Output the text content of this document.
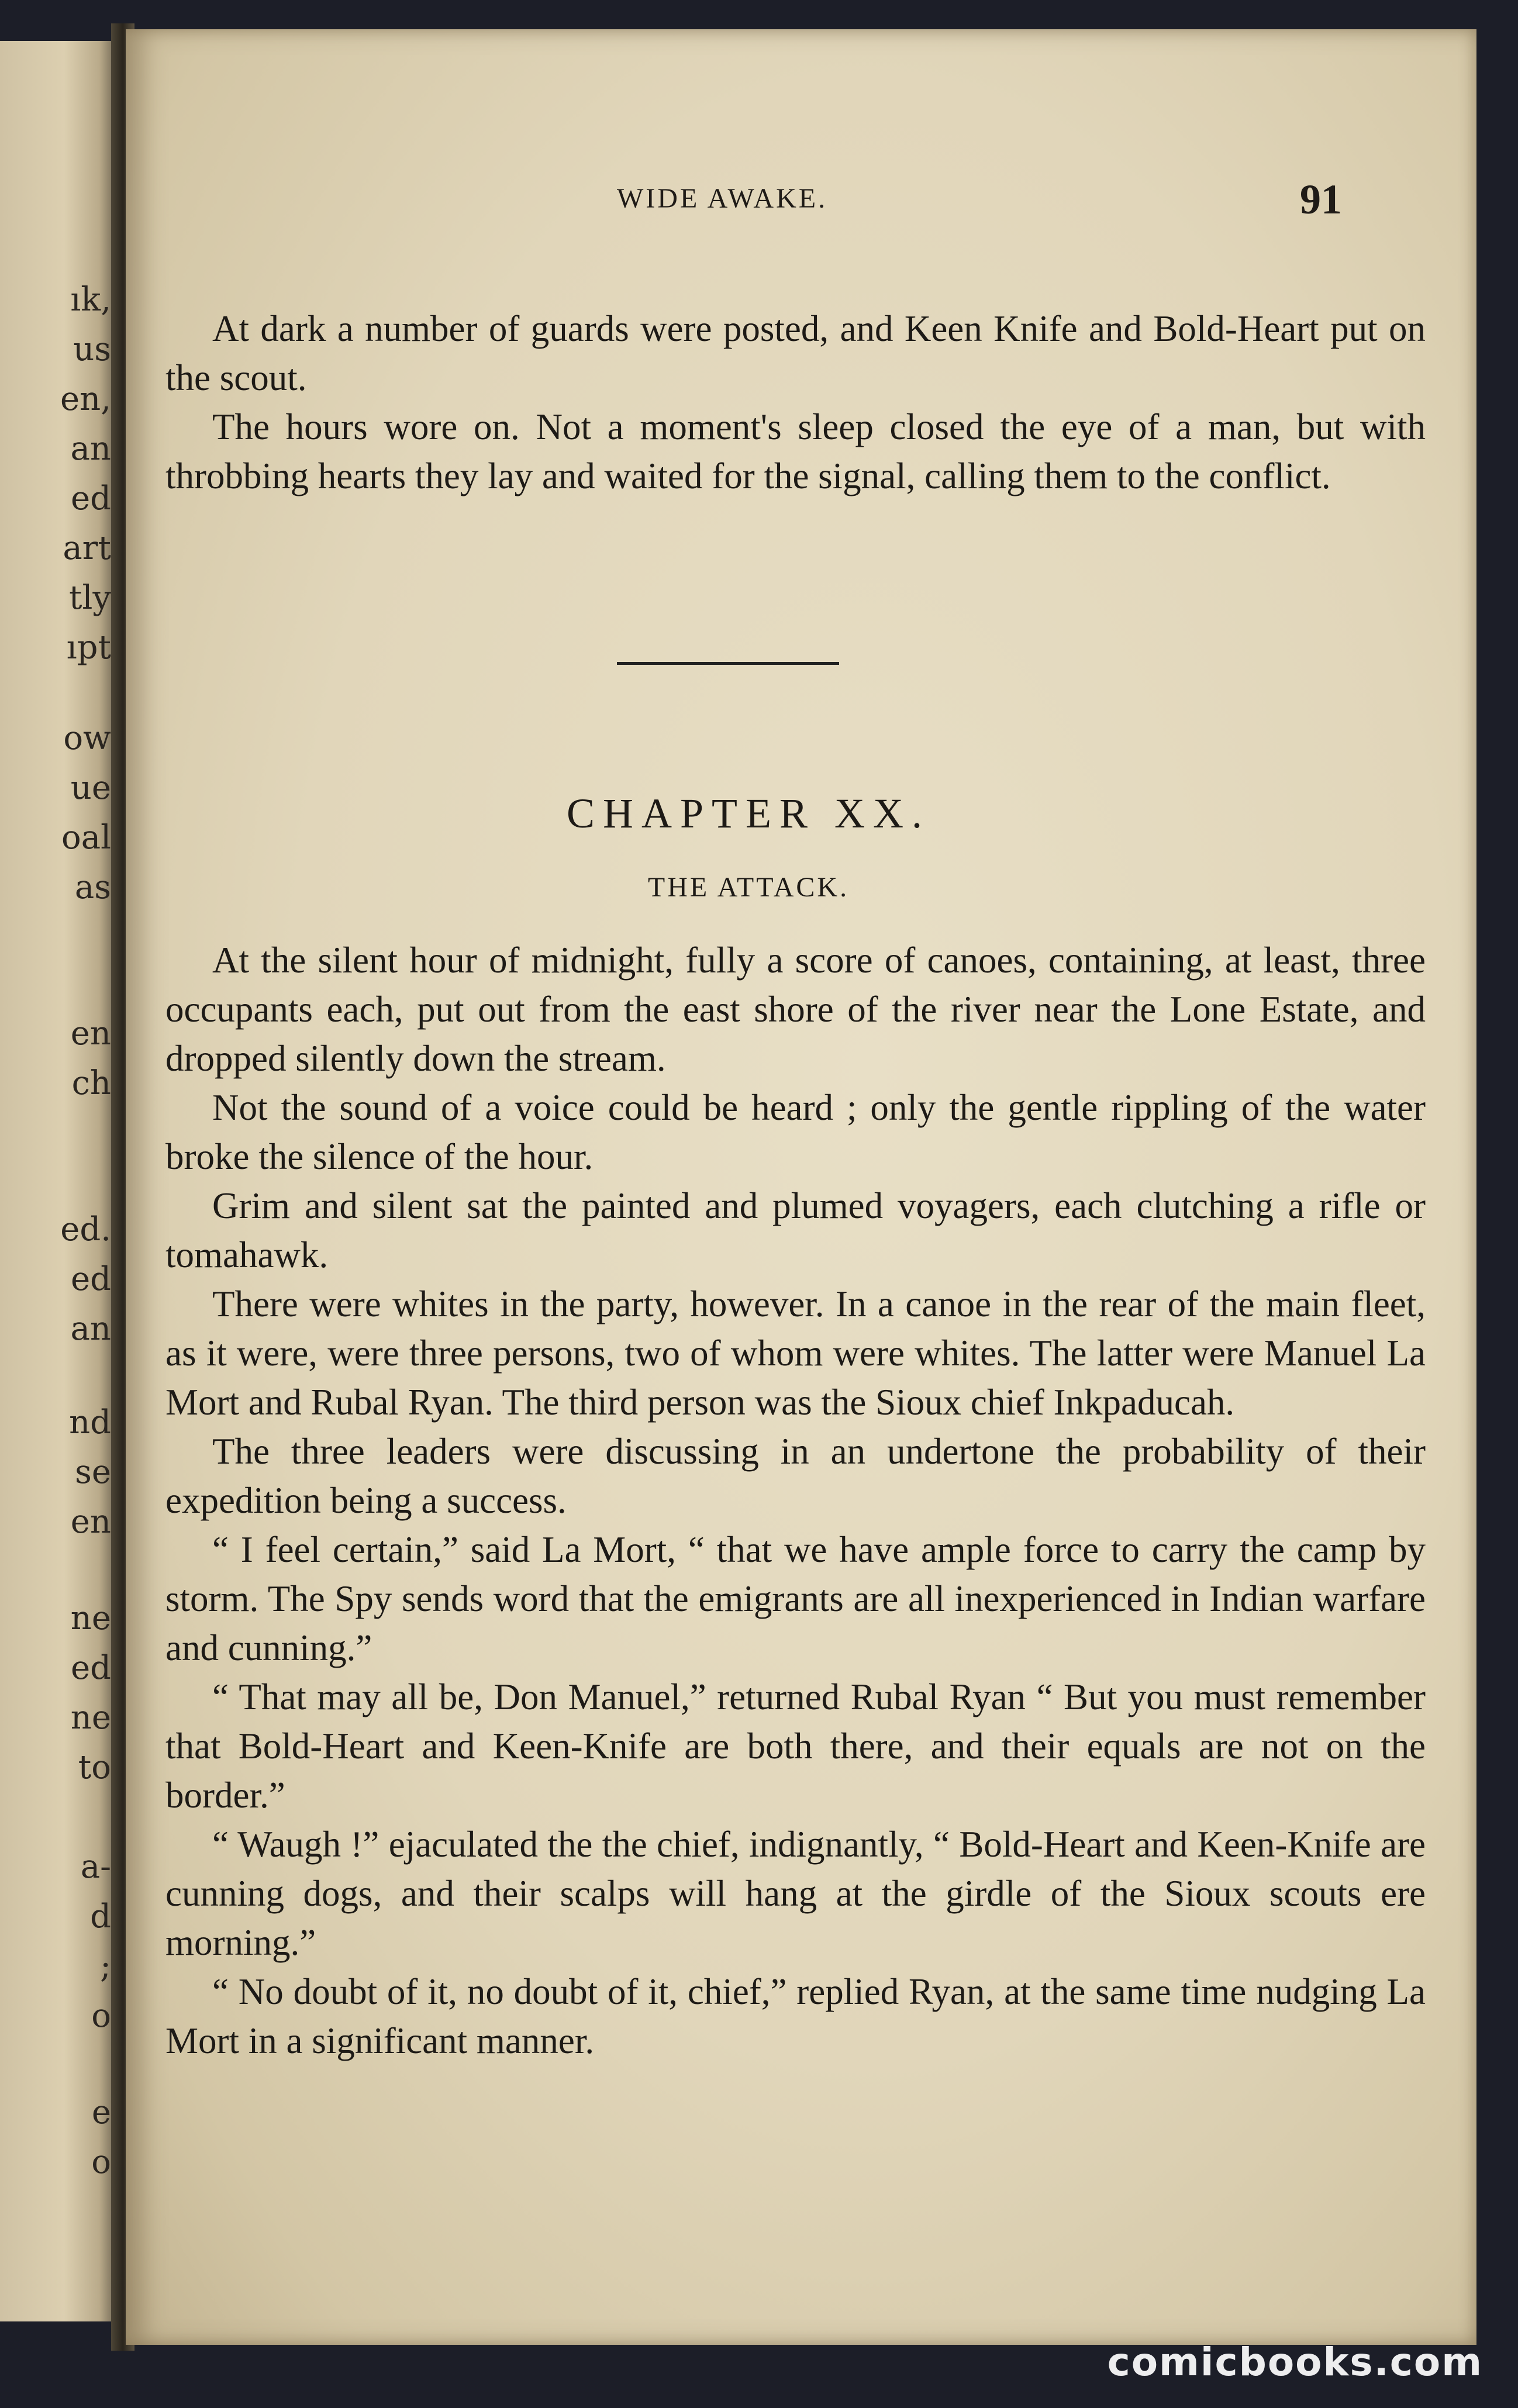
ık,
us
en,
an
ed
art
tly
ıpt
ow
ue
oal
as
en
ch
ed.
ed
an
nd
se
en
ne
ed
ne
to
a-
d
;
o
e
o
WIDE AWAKE.	91

At dark a number of guards were posted, and Keen Knife and Bold-Heart put on the scout.

The hours wore on. Not a moment's sleep closed the eye of a man, but with throbbing hearts they lay and waited for the signal, calling them to the conflict.

CHAPTER XX.
THE ATTACK.

At the silent hour of midnight, fully a score of canoes, containing, at least, three occupants each, put out from the east shore of the river near the Lone Estate, and dropped silently down the stream.

Not the sound of a voice could be heard ; only the gentle rippling of the water broke the silence of the hour.

Grim and silent sat the painted and plumed voyagers, each clutching a rifle or tomahawk.

There were whites in the party, however. In a canoe in the rear of the main fleet, as it were, were three persons, two of whom were whites. The latter were Manuel La Mort and Rubal Ryan. The third person was the Sioux chief Inkpaducah.

The three leaders were discussing in an undertone the probability of their expedition being a success.

“ I feel certain,” said La Mort, “ that we have ample force to carry the camp by storm. The Spy sends word that the emigrants are all inexperienced in Indian warfare and cunning.”

“ That may all be, Don Manuel,” returned Rubal Ryan “ But you must remember that Bold-Heart and Keen-Knife are both there, and their equals are not on the border.”

“ Waugh !” ejaculated the the chief, indignantly, “ Bold-Heart and Keen-Knife are cunning dogs, and their scalps will hang at the girdle of the Sioux scouts ere morning.”

“ No doubt of it, no doubt of it, chief,” replied Ryan, at the same time nudging La Mort in a significant manner.

comicbooks.com
